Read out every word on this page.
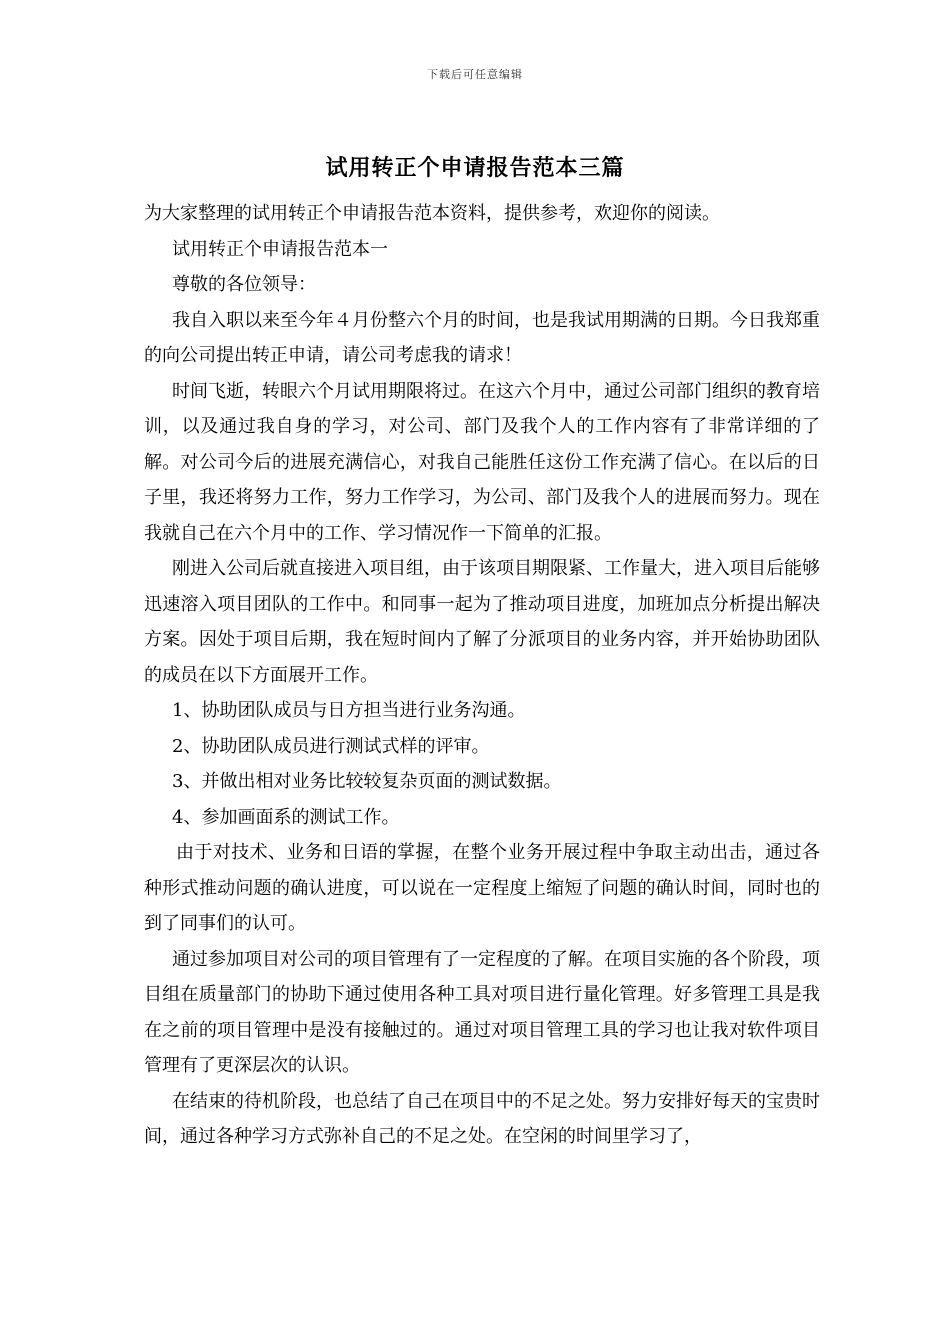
下载后可任意编辑
试用转正个申请报告范本三篇

为大家整理的试用转正个申请报告范本资料，提供参考，欢迎你的阅读。

试用转正个申请报告范本一

尊敬的各位领导：

我自入职以来至今年４月份整六个月的时间，也是我试用期满的日期。今日我郑重的向公司提出转正申请，请公司考虑我的请求！

时间飞逝，转眼六个月试用期限将过。在这六个月中，通过公司部门组织的教育培训，以及通过我自身的学习，对公司、部门及我个人的工作内容有了非常详细的了解。对公司今后的进展充满信心，对我自己能胜任这份工作充满了信心。在以后的日子里，我还将努力工作，努力工作学习，为公司、部门及我个人的进展而努力。现在我就自己在六个月中的工作、学习情况作一下简单的汇报。

刚进入公司后就直接进入项目组，由于该项目期限紧、工作量大，进入项目后能够迅速溶入项目团队的工作中。和同事一起为了推动项目进度，加班加点分析提出解决方案。因处于项目后期，我在短时间内了解了分派项目的业务内容，并开始协助团队的成员在以下方面展开工作。

1、协助团队成员与日方担当进行业务沟通。

2、协助团队成员进行测试式样的评审。

3、并做出相对业务比较较复杂页面的测试数据。

4、参加画面系的测试工作。

由于对技术、业务和日语的掌握，在整个业务开展过程中争取主动出击，通过各种形式推动问题的确认进度，可以说在一定程度上缩短了问题的确认时间，同时也的到了同事们的认可。

通过参加项目对公司的项目管理有了一定程度的了解。在项目实施的各个阶段，项目组在质量部门的协助下通过使用各种工具对项目进行量化管理。好多管理工具是我在之前的项目管理中是没有接触过的。通过对项目管理工具的学习也让我对软件项目管理有了更深层次的认识。

在结束的待机阶段，也总结了自己在项目中的不足之处。努力安排好每天的宝贵时间，通过各种学习方式弥补自己的不足之处。在空闲的时间里学习了，
